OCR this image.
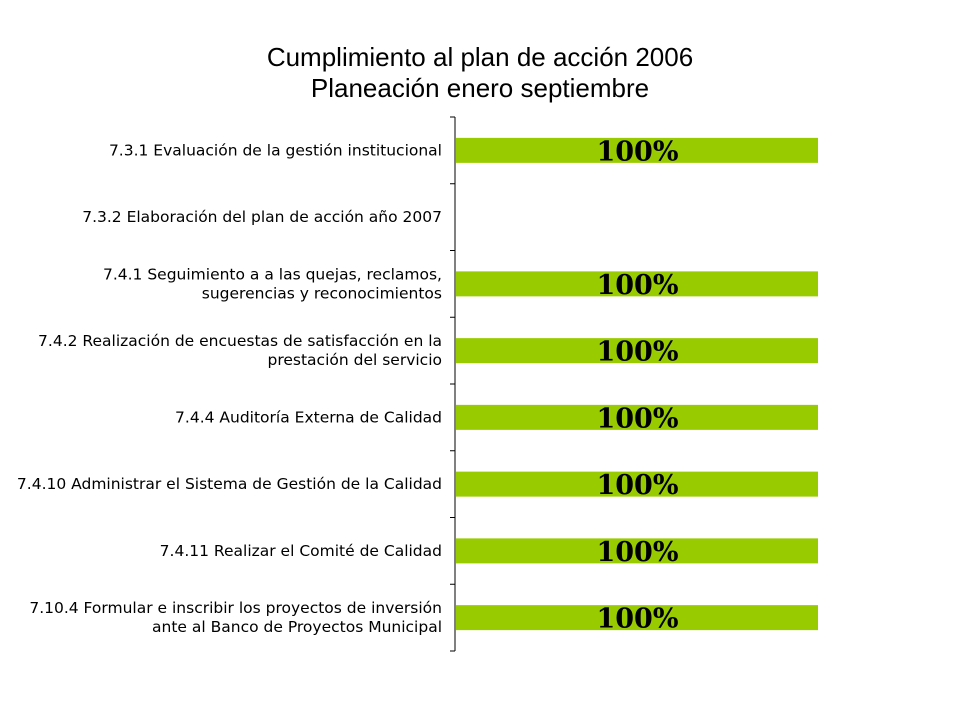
Cumplimiento al plan de acción 2006
Planeación enero septiembre
7.3.1 Evaluación de la gestión institucional
7.3.2 Elaboración del plan de acción año 2007
7.4.1 Seguimiento a a las quejas, reclamos, sugerencias y reconocimientos
7.4.2 Realización de encuestas de satisfacción en la prestación del servicio
7.4.4 Auditoría Externa de Calidad
7.4.10 Administrar el Sistema de Gestión de la Calidad
7.4.11 Realizar el Comité de Calidad
7.10.4 Formular e inscribir los proyectos de inversión ante al Banco de Proyectos Municipal
100%
100%
100%
100%
100%
100%
100%
